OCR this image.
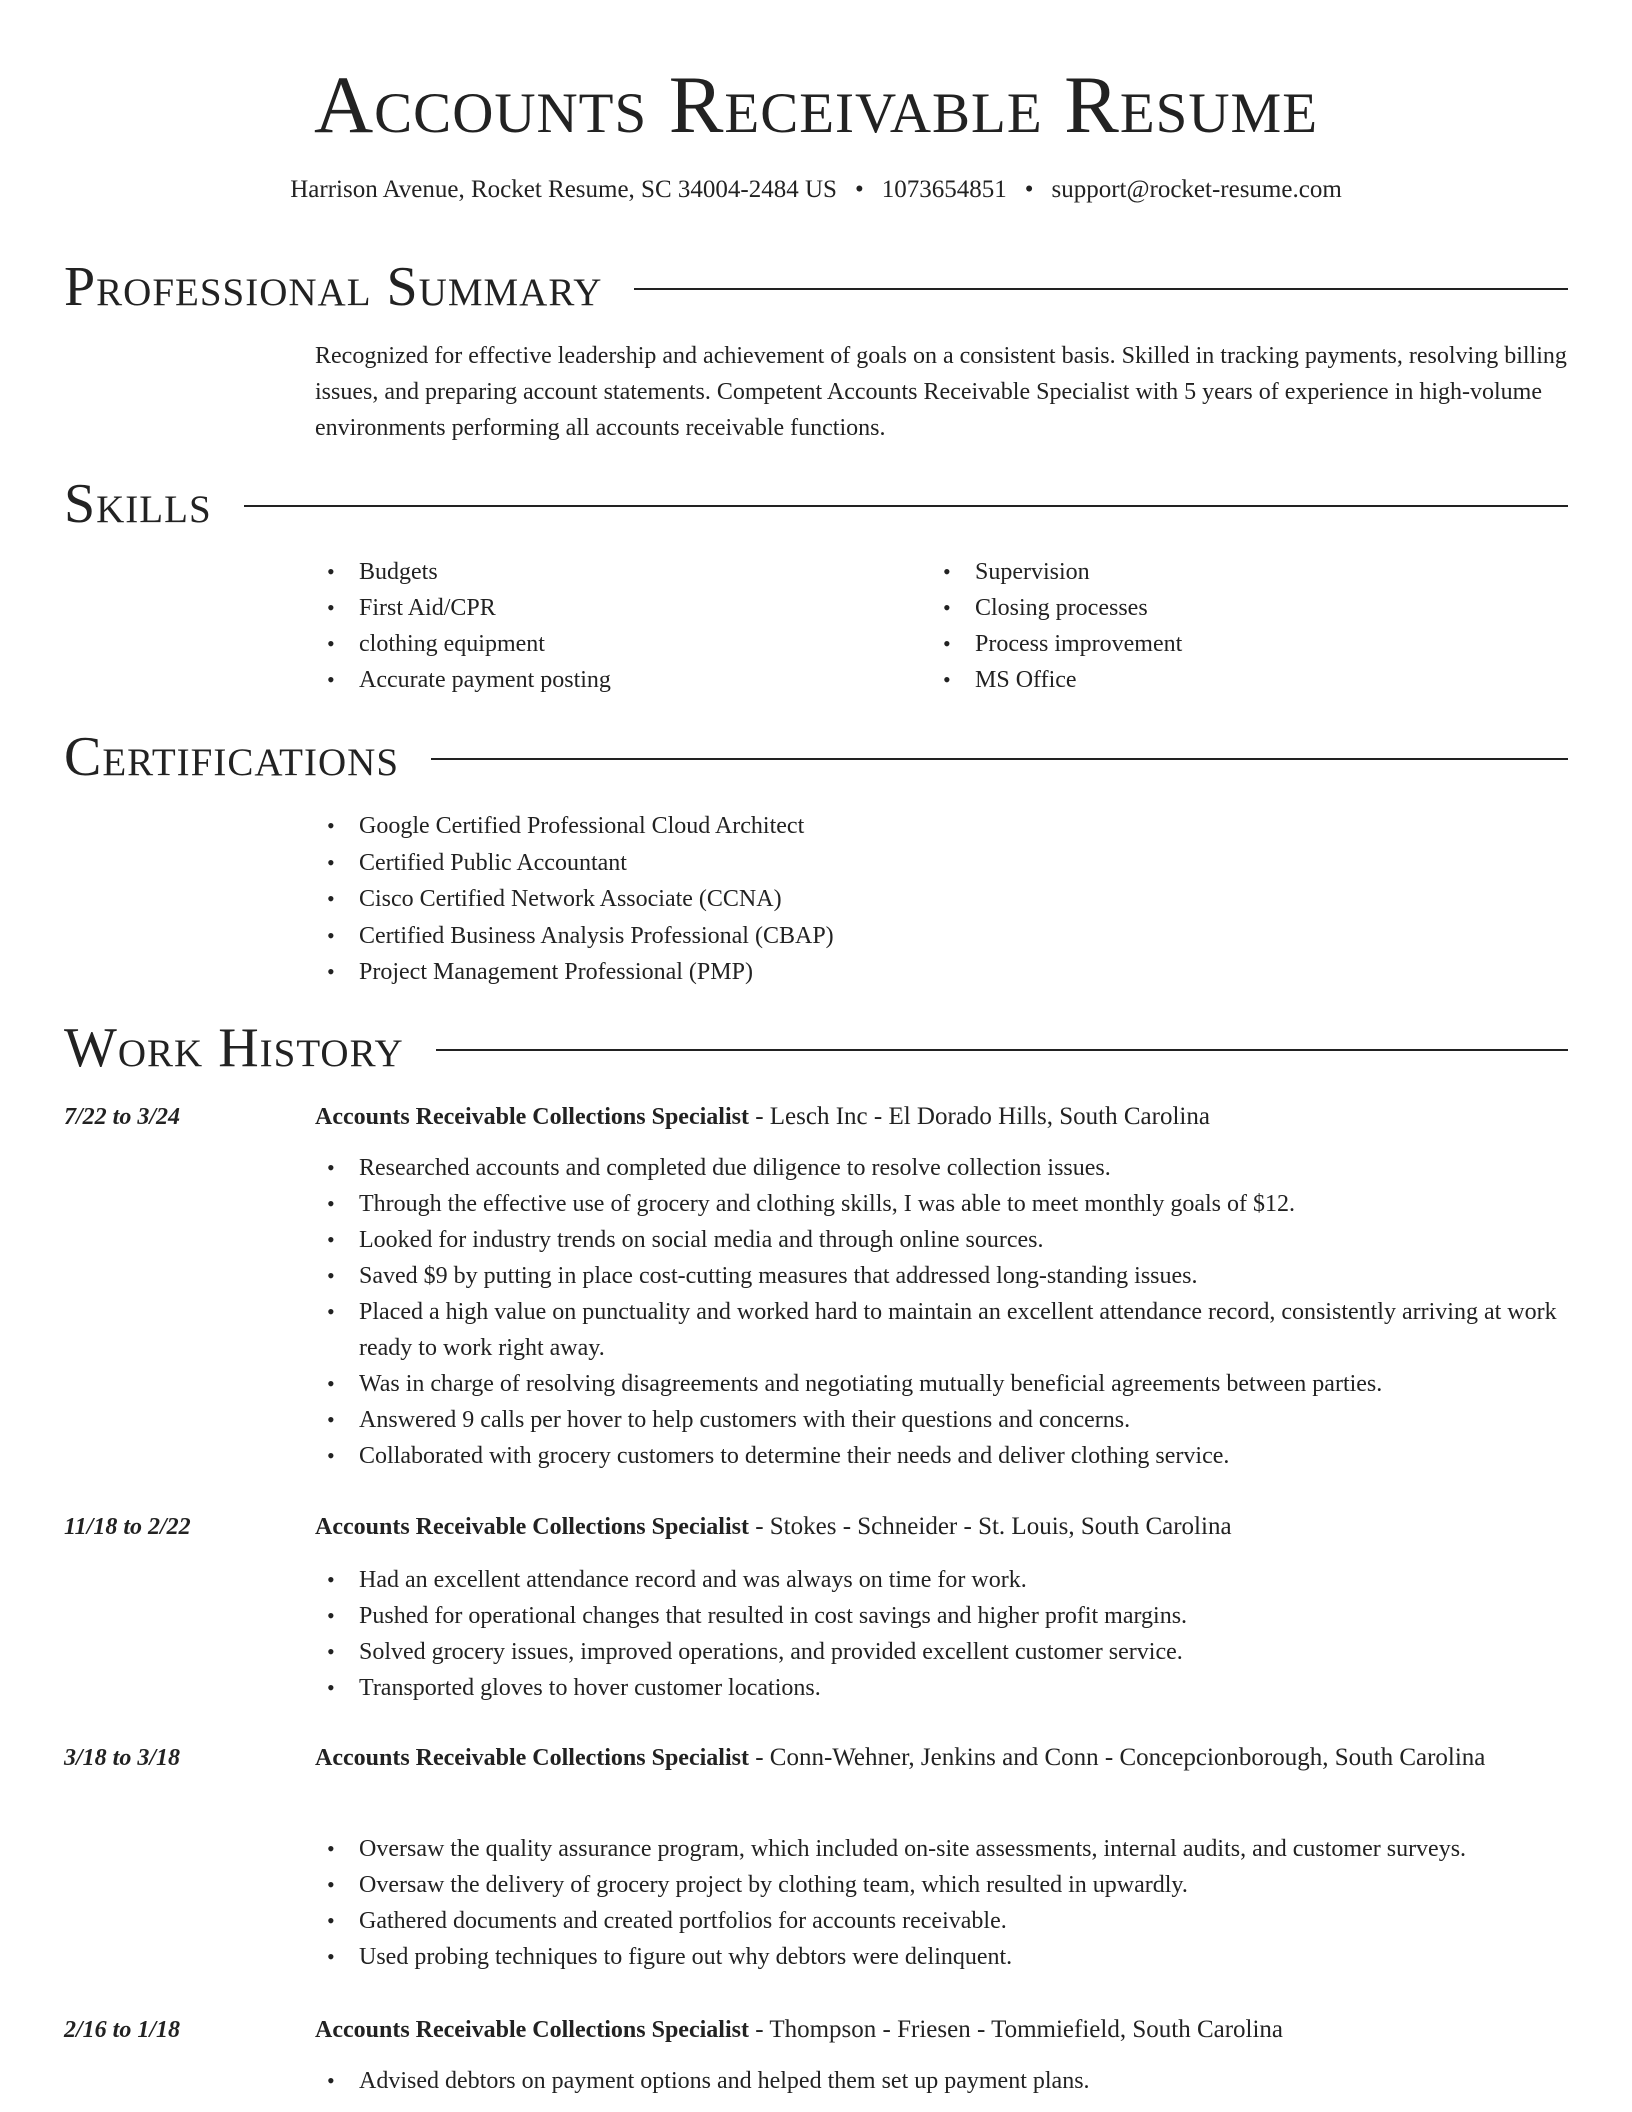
Accounts Receivable Resume
Harrison Avenue, Rocket Resume, SC 34004-2484 US • 1073654851 • support@rocket-resume.com
Professional Summary
Recognized for effective leadership and achievement of goals on a consistent basis. Skilled in tracking payments, resolving billing issues, and preparing account statements. Competent Accounts Receivable Specialist with 5 years of experience in high-volume environments performing all accounts receivable functions.
Skills
• Budgets
• First Aid/CPR
• clothing equipment
• Accurate payment posting
• Supervision
• Closing processes
• Process improvement
• MS Office
Certifications
• Google Certified Professional Cloud Architect
• Certified Public Accountant
• Cisco Certified Network Associate (CCNA)
• Certified Business Analysis Professional (CBAP)
• Project Management Professional (PMP)
Work History
7/22 to 3/24	Accounts Receivable Collections Specialist - Lesch Inc - El Dorado Hills, South Carolina
• Researched accounts and completed due diligence to resolve collection issues.
• Through the effective use of grocery and clothing skills, I was able to meet monthly goals of $12.
• Looked for industry trends on social media and through online sources.
• Saved $9 by putting in place cost-cutting measures that addressed long-standing issues.
• Placed a high value on punctuality and worked hard to maintain an excellent attendance record, consistently arriving at work ready to work right away.
• Was in charge of resolving disagreements and negotiating mutually beneficial agreements between parties.
• Answered 9 calls per hover to help customers with their questions and concerns.
• Collaborated with grocery customers to determine their needs and deliver clothing service.
11/18 to 2/22	Accounts Receivable Collections Specialist - Stokes - Schneider - St. Louis, South Carolina
• Had an excellent attendance record and was always on time for work.
• Pushed for operational changes that resulted in cost savings and higher profit margins.
• Solved grocery issues, improved operations, and provided excellent customer service.
• Transported gloves to hover customer locations.
3/18 to 3/18	Accounts Receivable Collections Specialist - Conn-Wehner, Jenkins and Conn - Concepcionborough, South Carolina
• Oversaw the quality assurance program, which included on-site assessments, internal audits, and customer surveys.
• Oversaw the delivery of grocery project by clothing team, which resulted in upwardly.
• Gathered documents and created portfolios for accounts receivable.
• Used probing techniques to figure out why debtors were delinquent.
2/16 to 1/18	Accounts Receivable Collections Specialist - Thompson - Friesen - Tommiefield, South Carolina
• Advised debtors on payment options and helped them set up payment plans.
